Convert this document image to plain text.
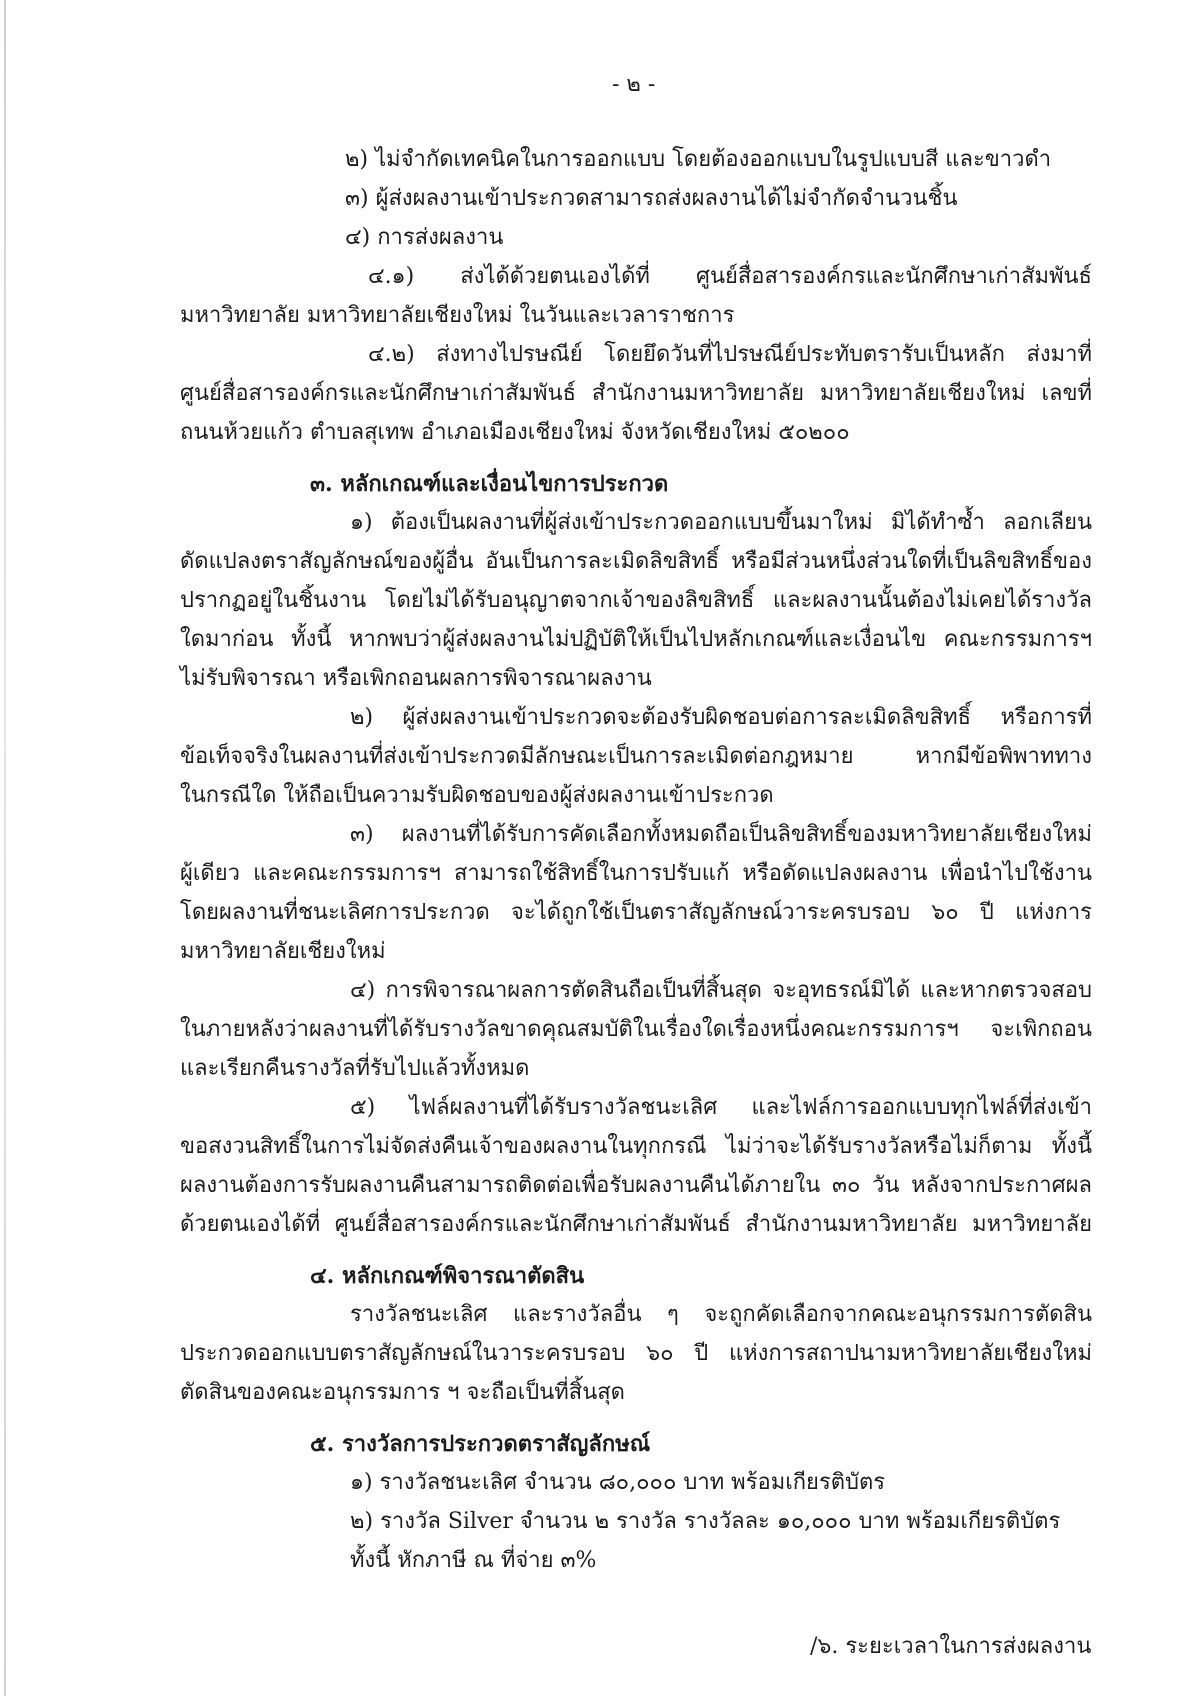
- ๒ -
๒) ไม่จำกัดเทคนิคในการออกแบบ โดยต้องออกแบบในรูปแบบสี และขาวดำ
๓) ผู้ส่งผลงานเข้าประกวดสามารถส่งผลงานได้ไม่จำกัดจำนวนชิ้น
๔) การส่งผลงาน
๔.๑) ส่งได้ด้วยตนเองได้ที่ ศูนย์สื่อสารองค์กรและนักศึกษาเก่าสัมพันธ์
มหาวิทยาลัย มหาวิทยาลัยเชียงใหม่ ในวันและเวลาราชการ
๔.๒) ส่งทางไปรษณีย์ โดยยึดวันที่ไปรษณีย์ประทับตรารับเป็นหลัก ส่งมาที่
ศูนย์สื่อสารองค์กรและนักศึกษาเก่าสัมพันธ์ สำนักงานมหาวิทยาลัย มหาวิทยาลัยเชียงใหม่ เลขที่
ถนนห้วยแก้ว ตำบลสุเทพ อำเภอเมืองเชียงใหม่ จังหวัดเชียงใหม่ ๕๐๒๐๐
๓. หลักเกณฑ์และเงื่อนไขการประกวด
๑) ต้องเป็นผลงานที่ผู้ส่งเข้าประกวดออกแบบขึ้นมาใหม่ มิได้ทำซ้ำ ลอกเลียน
ดัดแปลงตราสัญลักษณ์ของผู้อื่น อันเป็นการละเมิดลิขสิทธิ์ หรือมีส่วนหนึ่งส่วนใดที่เป็นลิขสิทธิ์ของ
ปรากฏอยู่ในชิ้นงาน โดยไม่ได้รับอนุญาตจากเจ้าของลิขสิทธิ์ และผลงานนั้นต้องไม่เคยได้รางวัล
ใดมาก่อน ทั้งนี้ หากพบว่าผู้ส่งผลงานไม่ปฏิบัติให้เป็นไปหลักเกณฑ์และเงื่อนไข คณะกรรมการฯ
ไม่รับพิจารณา หรือเพิกถอนผลการพิจารณาผลงาน
๒) ผู้ส่งผลงานเข้าประกวดจะต้องรับผิดชอบต่อการละเมิดลิขสิทธิ์ หรือการที่
ข้อเท็จจริงในผลงานที่ส่งเข้าประกวดมีลักษณะเป็นการละเมิดต่อกฎหมาย หากมีข้อพิพาททาง
ในกรณีใด ให้ถือเป็นความรับผิดชอบของผู้ส่งผลงานเข้าประกวด
๓) ผลงานที่ได้รับการคัดเลือกทั้งหมดถือเป็นลิขสิทธิ์ของมหาวิทยาลัยเชียงใหม่
ผู้เดียว และคณะกรรมการฯ สามารถใช้สิทธิ์ในการปรับแก้ หรือดัดแปลงผลงาน เพื่อนำไปใช้งาน
โดยผลงานที่ชนะเลิศการประกวด จะได้ถูกใช้เป็นตราสัญลักษณ์วาระครบรอบ ๖๐ ปี แห่งการ
มหาวิทยาลัยเชียงใหม่
๔) การพิจารณาผลการตัดสินถือเป็นที่สิ้นสุด จะอุทธรณ์มิได้ และหากตรวจสอบ
ในภายหลังว่าผลงานที่ได้รับรางวัลขาดคุณสมบัติในเรื่องใดเรื่องหนึ่งคณะกรรมการฯ จะเพิกถอน
และเรียกคืนรางวัลที่รับไปแล้วทั้งหมด
๕) ไฟล์ผลงานที่ได้รับรางวัลชนะเลิศ และไฟล์การออกแบบทุกไฟล์ที่ส่งเข้า
ขอสงวนสิทธิ์ในการไม่จัดส่งคืนเจ้าของผลงานในทุกกรณี ไม่ว่าจะได้รับรางวัลหรือไม่ก็ตาม ทั้งนี้
ผลงานต้องการรับผลงานคืนสามารถติดต่อเพื่อรับผลงานคืนได้ภายใน ๓๐ วัน หลังจากประกาศผล
ด้วยตนเองได้ที่ ศูนย์สื่อสารองค์กรและนักศึกษาเก่าสัมพันธ์ สำนักงานมหาวิทยาลัย มหาวิทยาลัย
๔. หลักเกณฑ์พิจารณาตัดสิน
รางวัลชนะเลิศ และรางวัลอื่น ๆ จะถูกคัดเลือกจากคณะอนุกรรมการตัดสิน
ประกวดออกแบบตราสัญลักษณ์ในวาระครบรอบ ๖๐ ปี แห่งการสถาปนามหาวิทยาลัยเชียงใหม่
ตัดสินของคณะอนุกรรมการ ฯ จะถือเป็นที่สิ้นสุด
๕. รางวัลการประกวดตราสัญลักษณ์
๑) รางวัลชนะเลิศ จำนวน ๘๐,๐๐๐ บาท พร้อมเกียรติบัตร
๒) รางวัล Silver จำนวน ๒ รางวัล รางวัลละ ๑๐,๐๐๐ บาท พร้อมเกียรติบัตร
ทั้งนี้ หักภาษี ณ ที่จ่าย ๓%
/๖. ระยะเวลาในการส่งผลงาน
